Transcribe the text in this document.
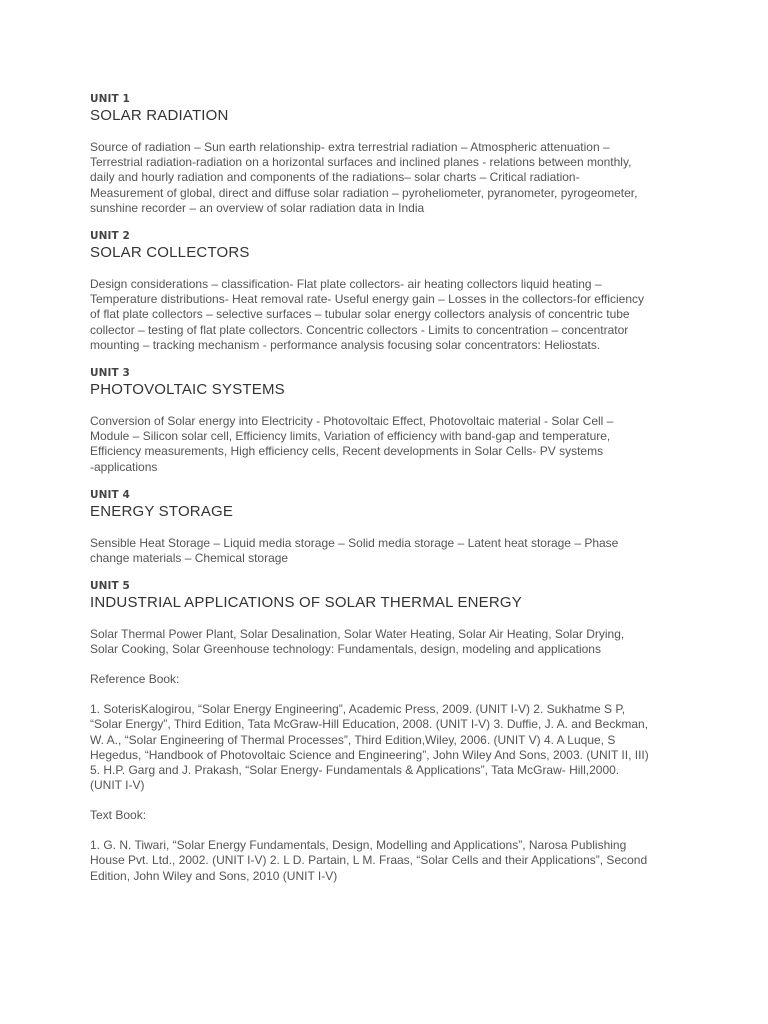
UNIT 1
SOLAR RADIATION

Source of radiation – Sun earth relationship- extra terrestrial radiation – Atmospheric attenuation –
Terrestrial radiation-radiation on a horizontal surfaces and inclined planes - relations between monthly,
daily and hourly radiation and components of the radiations– solar charts – Critical radiation-
Measurement of global, direct and diffuse solar radiation – pyroheliometer, pyranometer, pyrogeometer,
sunshine recorder – an overview of solar radiation data in India

UNIT 2
SOLAR COLLECTORS

Design considerations – classification- Flat plate collectors- air heating collectors liquid heating –
Temperature distributions- Heat removal rate- Useful energy gain – Losses in the collectors-for efficiency
of flat plate collectors – selective surfaces – tubular solar energy collectors analysis of concentric tube
collector – testing of flat plate collectors. Concentric collectors - Limits to concentration – concentrator
mounting – tracking mechanism - performance analysis focusing solar concentrators: Heliostats.

UNIT 3
PHOTOVOLTAIC SYSTEMS

Conversion of Solar energy into Electricity - Photovoltaic Effect, Photovoltaic material - Solar Cell –
Module – Silicon solar cell, Efficiency limits, Variation of efficiency with band-gap and temperature,
Efficiency measurements, High efficiency cells, Recent developments in Solar Cells- PV systems
-applications

UNIT 4
ENERGY STORAGE

Sensible Heat Storage – Liquid media storage – Solid media storage – Latent heat storage – Phase
change materials – Chemical storage

UNIT 5
INDUSTRIAL APPLICATIONS OF SOLAR THERMAL ENERGY

Solar Thermal Power Plant, Solar Desalination, Solar Water Heating, Solar Air Heating, Solar Drying,
Solar Cooking, Solar Greenhouse technology: Fundamentals, design, modeling and applications

Reference Book:

1. SoterisKalogirou, “Solar Energy Engineering”, Academic Press, 2009. (UNIT I-V) 2. Sukhatme S P,
“Solar Energy”, Third Edition, Tata McGraw-Hill Education, 2008. (UNIT I-V) 3. Duffie, J. A. and Beckman,
W. A., “Solar Engineering of Thermal Processes”, Third Edition,Wiley, 2006. (UNIT V) 4. A Luque, S
Hegedus, “Handbook of Photovoltaic Science and Engineering”, John Wiley And Sons, 2003. (UNIT II, III)
5. H.P. Garg and J. Prakash, “Solar Energy- Fundamentals & Applications”, Tata McGraw- Hill,2000.
(UNIT I-V)

Text Book:

1. G. N. Tiwari, “Solar Energy Fundamentals, Design, Modelling and Applications”, Narosa Publishing
House Pvt. Ltd., 2002. (UNIT I-V) 2. L D. Partain, L M. Fraas, “Solar Cells and their Applications”, Second
Edition, John Wiley and Sons, 2010 (UNIT I-V)
